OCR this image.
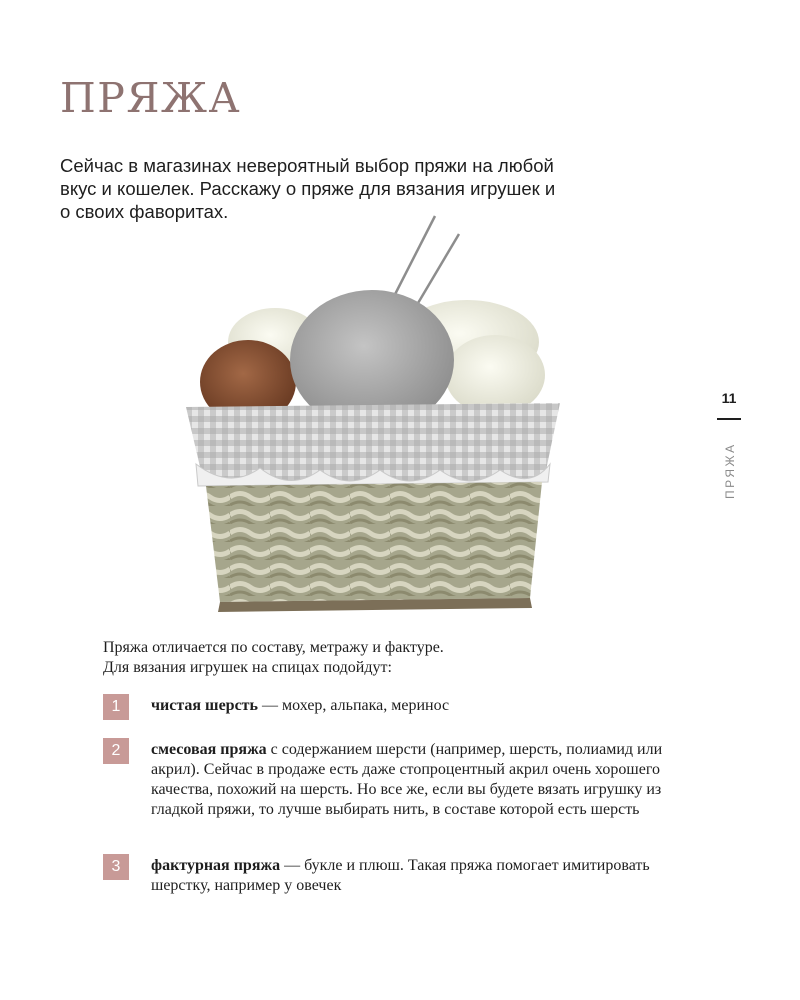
ПРЯЖА
Сейчас в магазинах невероятный выбор пряжи на любой вкус и кошелек. Расскажу о пряже для вязания игрушек и о своих фаворитах.
11
ПРЯЖА
Пряжа отличается по составу, метражу и фактуре.
Для вязания игрушек на спицах подойдут:
1	чистая шерсть — мохер, альпака, меринос
2	смесовая пряжа с содержанием шерсти (например, шерсть, полиамид или акрил). Сейчас в продаже есть даже стопроцентный акрил очень хорошего качества, похожий на шерсть. Но все же, если вы будете вязать игрушку из гладкой пряжи, то лучше выбирать нить, в составе которой есть шерсть
3	фактурная пряжа — букле и плюш. Такая пряжа помогает имитировать шерстку, например у овечек
